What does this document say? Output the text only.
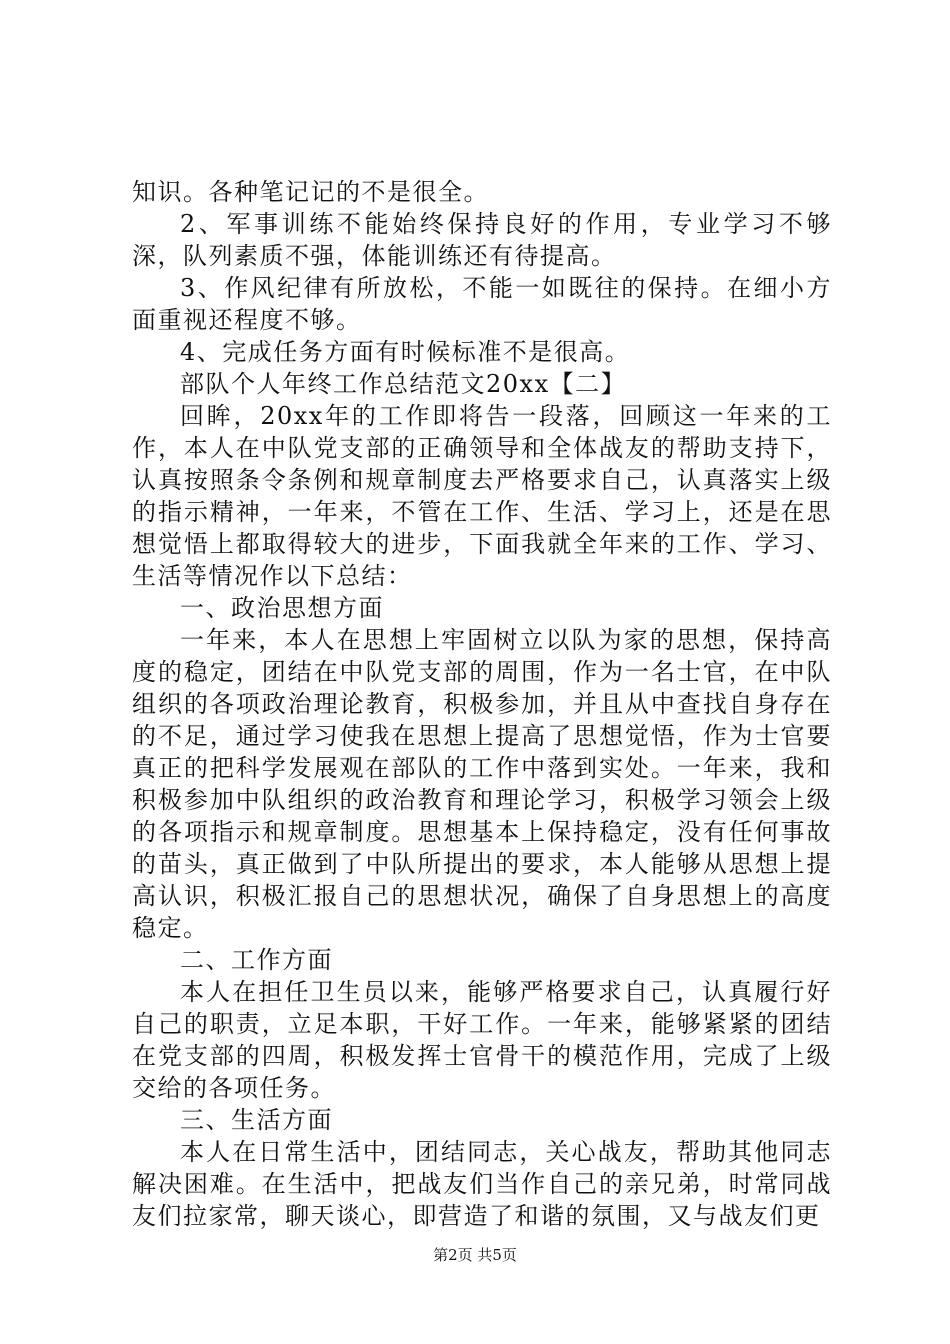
知识。各种笔记记的不是很全。

2、军事训练不能始终保持良好的作用，专业学习不够深，队列素质不强，体能训练还有待提高。

3、作风纪律有所放松，不能一如既往的保持。在细小方面重视还程度不够。

4、完成任务方面有时候标准不是很高。

部队个人年终工作总结范文20xx【二】

回眸，20xx年的工作即将告一段落，回顾这一年来的工作，本人在中队党支部的正确领导和全体战友的帮助支持下，认真按照条令条例和规章制度去严格要求自己，认真落实上级的指示精神，一年来，不管在工作、生活、学习上，还是在思想觉悟上都取得较大的进步，下面我就全年来的工作、学习、生活等情况作以下总结：

一、政治思想方面

一年来，本人在思想上牢固树立以队为家的思想，保持高度的稳定，团结在中队党支部的周围，作为一名士官，在中队组织的各项政治理论教育，积极参加，并且从中查找自身存在的不足，通过学习使我在思想上提高了思想觉悟，作为士官要真正的把科学发展观在部队的工作中落到实处。一年来，我和积极参加中队组织的政治教育和理论学习，积极学习领会上级的各项指示和规章制度。思想基本上保持稳定，没有任何事故的苗头，真正做到了中队所提出的要求，本人能够从思想上提高认识，积极汇报自己的思想状况，确保了自身思想上的高度稳定。

二、工作方面

本人在担任卫生员以来，能够严格要求自己，认真履行好自己的职责，立足本职，干好工作。一年来，能够紧紧的团结在党支部的四周，积极发挥士官骨干的模范作用，完成了上级交给的各项任务。

三、生活方面

本人在日常生活中，团结同志，关心战友，帮助其他同志解决困难。在生活中，把战友们当作自己的亲兄弟，时常同战友们拉家常，聊天谈心，即营造了和谐的氛围，又与战友们更

第2页 共5页
